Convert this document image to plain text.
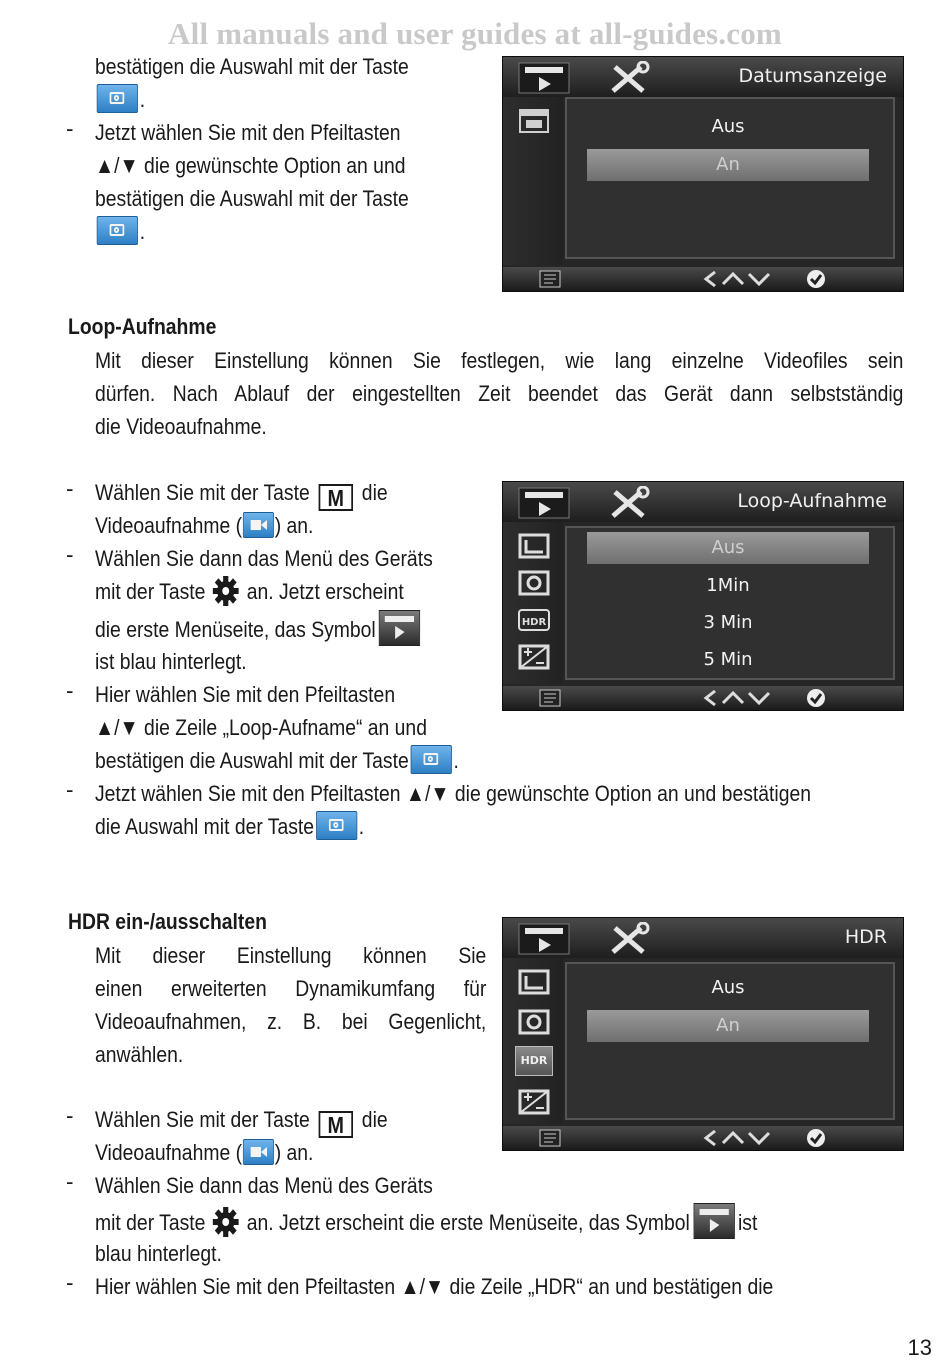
All manuals and user guides at all-guides.com
bestätigen die Auswahl mit der Taste
.
- Jetzt wählen Sie mit den Pfeiltasten
▲/▼ die gewünschte Option an und
bestätigen die Auswahl mit der Taste
.
Datumsanzeige
Aus
An
Loop-Aufnahme
Mit dieser Einstellung können Sie festlegen, wie lang einzelne Videofiles sein
dürfen. Nach Ablauf der eingestellten Zeit beendet das Gerät dann selbstständig
die Videoaufnahme.
- Wählen Sie mit der Taste M die
Videoaufnahme ( ) an.
- Wählen Sie dann das Menü des Geräts
mit der Taste an. Jetzt erscheint
die erste Menüseite, das Symbol
ist blau hinterlegt.
- Hier wählen Sie mit den Pfeiltasten
▲/▼ die Zeile „Loop-Aufname“ an und
bestätigen die Auswahl mit der Taste .
- Jetzt wählen Sie mit den Pfeiltasten ▲/▼ die gewünschte Option an und bestätigen
die Auswahl mit der Taste .
Loop-Aufnahme
HDR
Aus
1Min
3 Min
5 Min
HDR ein-/ausschalten
Mit dieser Einstellung können Sie
einen erweiterten Dynamikumfang für
Videoaufnahmen, z. B. bei Gegenlicht,
anwählen.
- Wählen Sie mit der Taste M die
Videoaufnahme ( ) an.
- Wählen Sie dann das Menü des Geräts
mit der Taste an. Jetzt erscheint die erste Menüseite, das Symbol ist
blau hinterlegt.
- Hier wählen Sie mit den Pfeiltasten ▲/▼ die Zeile „HDR“ an und bestätigen die
HDR
HDR
Aus
An
13
